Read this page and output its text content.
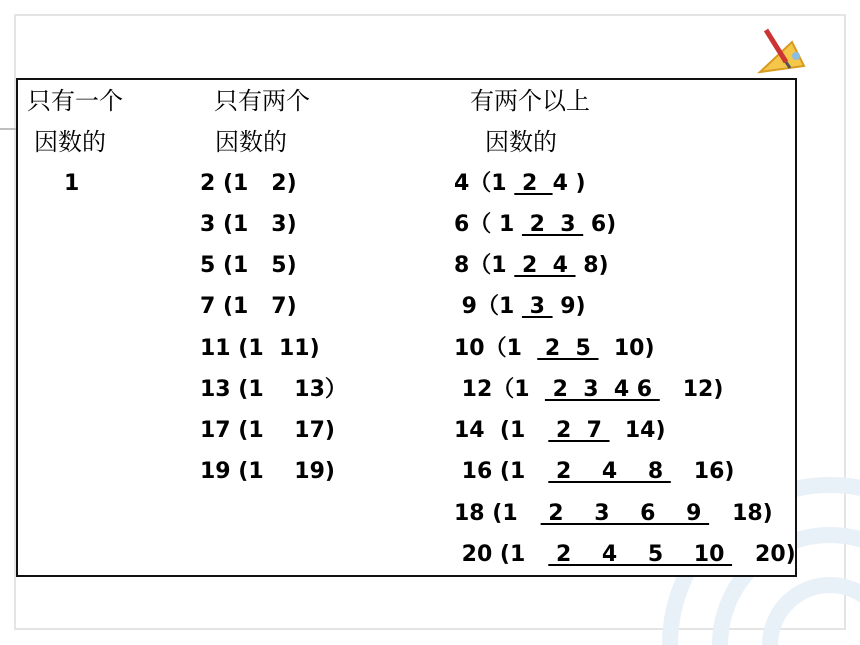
只有一个
因数的
只有两个
因数的
有两个以上
因数的
1	2 (1   2)
3 (1   3)
5 (1   5)
7 (1   7)
11 (1  11)
13 (1    13）
17 (1    17)
19 (1    19)
4（1  2  4 )
6（ 1  2  3  6)
8（1  2  4  8)
9（1  3  9)
10（1   2  5   10)
12（1   2  3  4 6    12)
14  (1    2  7   14)
16 (1    2    4    8    16)
18 (1    2    3    6    9    18)
20 (1    2    4    5    10    20)
